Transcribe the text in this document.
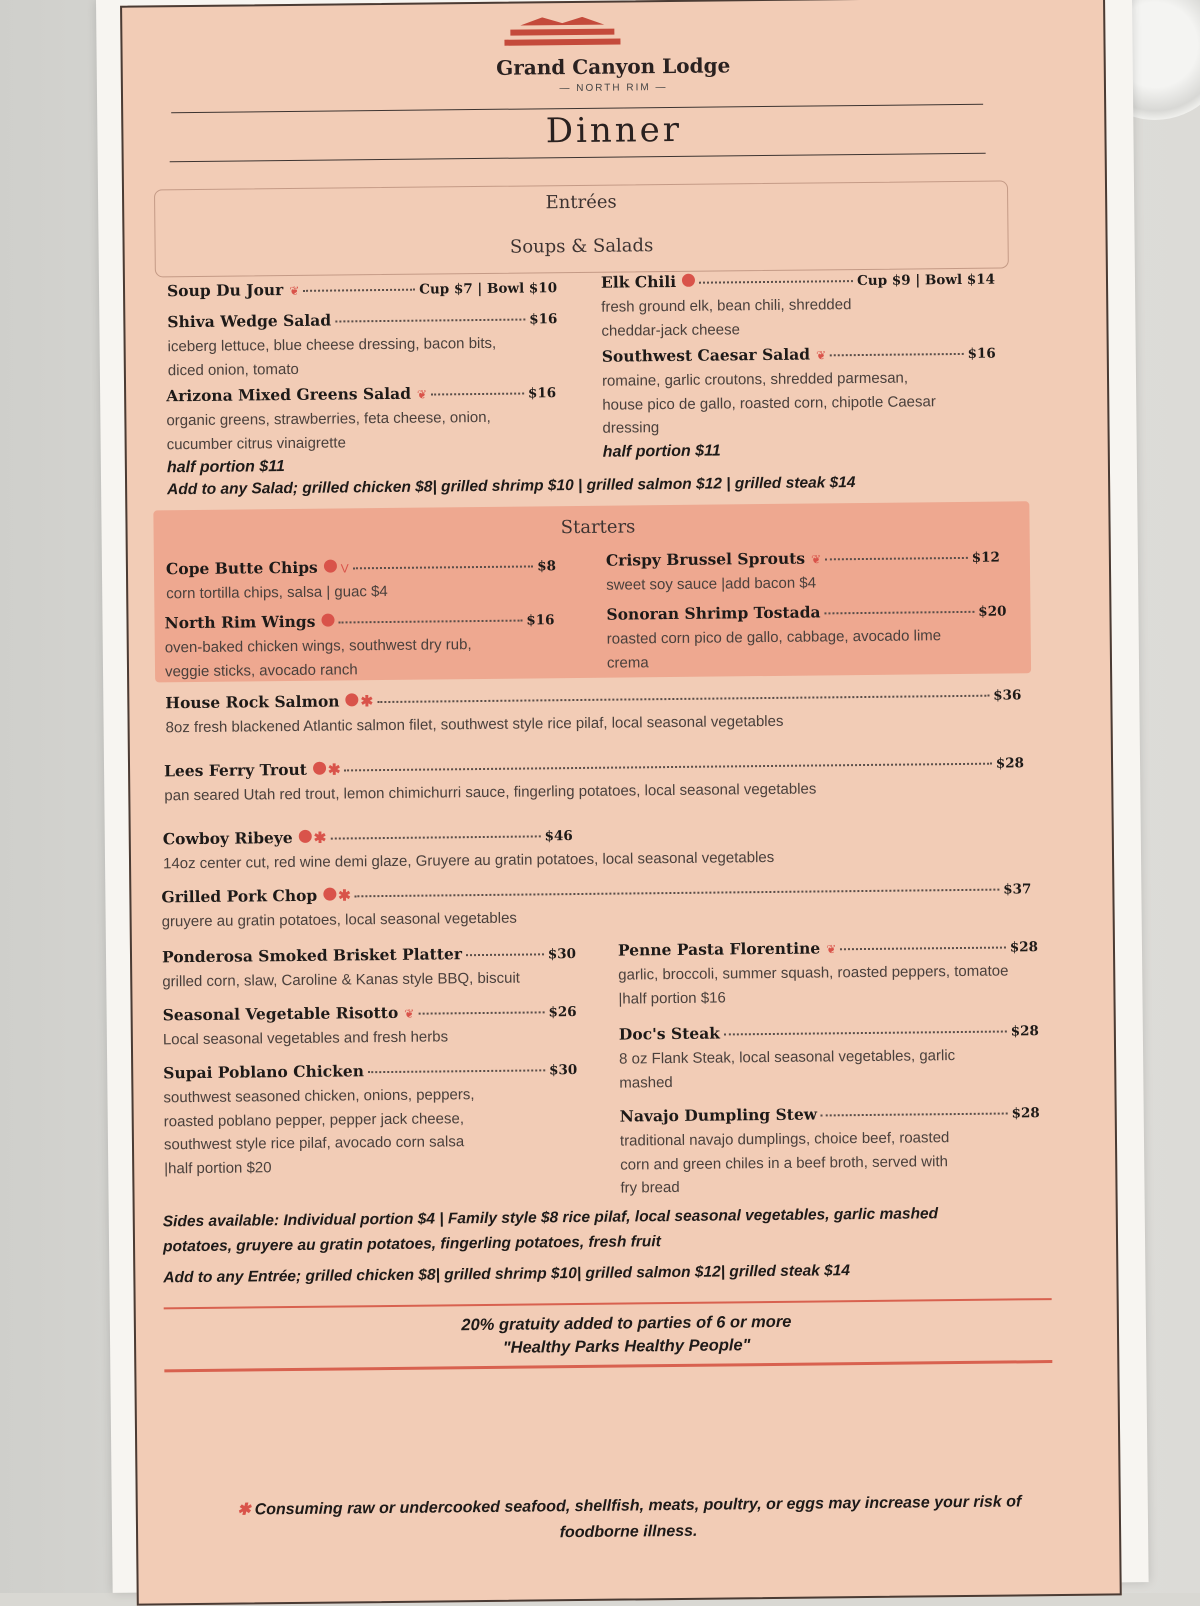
Grand Canyon Lodge
— NORTH RIM —
Dinner
Entrées
Soups & Salads
Soup Du Jour ❦	Cup $7 | Bowl $10
Shiva Wedge Salad	$16
iceberg lettuce, blue cheese dressing, bacon bits,
diced onion, tomato
Arizona Mixed Greens Salad ❦	$16
organic greens, strawberries, feta cheese, onion,
cucumber citrus vinaigrette
half portion $11
Elk Chili	Cup $9 | Bowl $14
fresh ground elk, bean chili, shredded
cheddar-jack cheese
Southwest Caesar Salad ❦	$16
romaine, garlic croutons, shredded parmesan,
house pico de gallo, roasted corn, chipotle Caesar
dressing
half portion $11
Add to any Salad; grilled chicken $8| grilled shrimp $10 | grilled salmon $12 | grilled steak $14
Starters
Cope Butte Chips V	$8
corn tortilla chips, salsa | guac $4
North Rim Wings	$16
oven-baked chicken wings, southwest dry rub,
veggie sticks, avocado ranch
Crispy Brussel Sprouts ❦	$12
sweet soy sauce |add bacon $4
Sonoran Shrimp Tostada	$20
roasted corn pico de gallo, cabbage, avocado lime
crema
House Rock Salmon ✱	$36
8oz fresh blackened Atlantic salmon filet, southwest style rice pilaf, local seasonal vegetables
Lees Ferry Trout ✱	$28
pan seared Utah red trout, lemon chimichurri sauce, fingerling potatoes, local seasonal vegetables
Cowboy Ribeye ✱	$46
14oz center cut, red wine demi glaze, Gruyere au gratin potatoes, local seasonal vegetables
Grilled Pork Chop ✱	$37
gruyere au gratin potatoes, local seasonal vegetables
Ponderosa Smoked Brisket Platter	$30
grilled corn, slaw, Caroline & Kanas style BBQ, biscuit
Seasonal Vegetable Risotto ❦	$26
Local seasonal vegetables and fresh herbs
Supai Poblano Chicken	$30
southwest seasoned chicken, onions, peppers,
roasted poblano pepper, pepper jack cheese,
southwest style rice pilaf, avocado corn salsa
|half portion $20
Penne Pasta Florentine ❦	$28
garlic, broccoli, summer squash, roasted peppers, tomatoe
|half portion $16
Doc's Steak	$28
8 oz Flank Steak, local seasonal vegetables, garlic
mashed
Navajo Dumpling Stew	$28
traditional navajo dumplings, choice beef, roasted
corn and green chiles in a beef broth, served with
fry bread
Sides available: Individual portion $4 | Family style $8 rice pilaf, local seasonal vegetables, garlic mashed
potatoes, gruyere au gratin potatoes, fingerling potatoes, fresh fruit
Add to any Entrée; grilled chicken $8| grilled shrimp $10| grilled salmon $12| grilled steak $14
20% gratuity added to parties of 6 or more
"Healthy Parks Healthy People"
✱ Consuming raw or undercooked seafood, shellfish, meats, poultry, or eggs may increase your risk of
foodborne illness.
